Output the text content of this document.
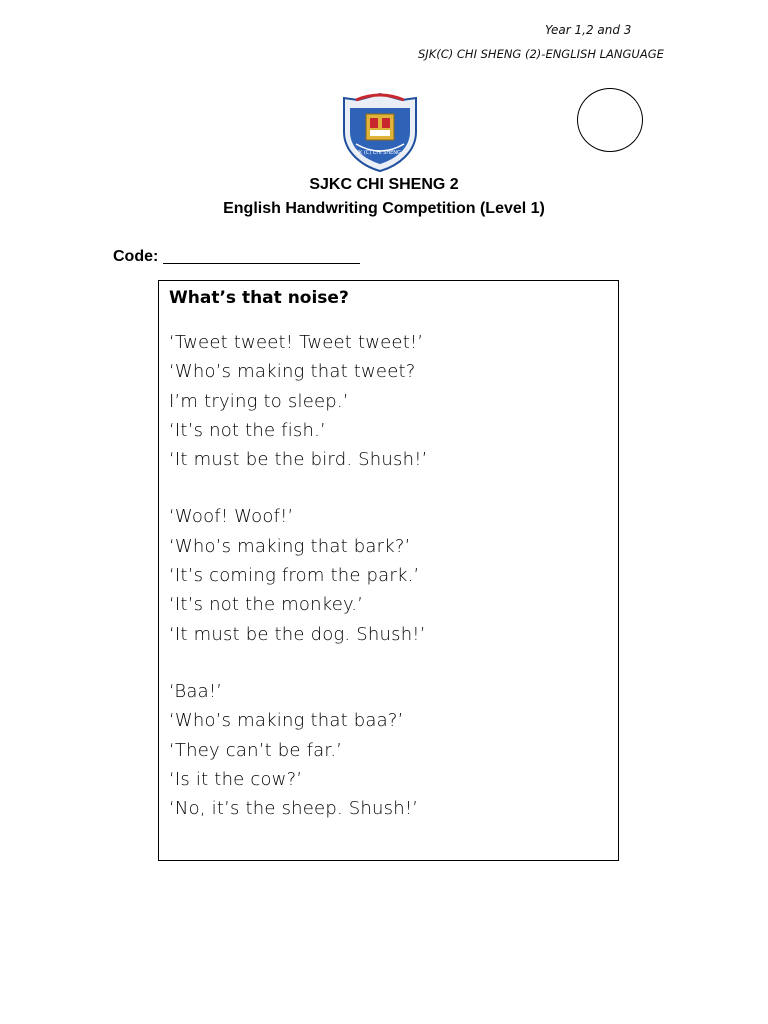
Year 1,2 and 3
SJK(C) CHI SHENG (2)-ENGLISH LANGUAGE
SJK (C) CHI SHENG 2
SJKC CHI SHENG 2
English Handwriting Competition (Level 1)
Code:
What’s that noise?
‘Tweet tweet! Tweet tweet!’
‘Who’s making that tweet?
I’m trying to sleep.’
‘It’s not the fish.’
‘It must be the bird. Shush!’
‘Woof! Woof!’
‘Who’s making that bark?’
‘It’s coming from the park.’
‘It’s not the monkey.’
‘It must be the dog. Shush!’
‘Baa!’
‘Who’s making that baa?’
‘They can’t be far.’
‘Is it the cow?’
‘No, it’s the sheep. Shush!’
